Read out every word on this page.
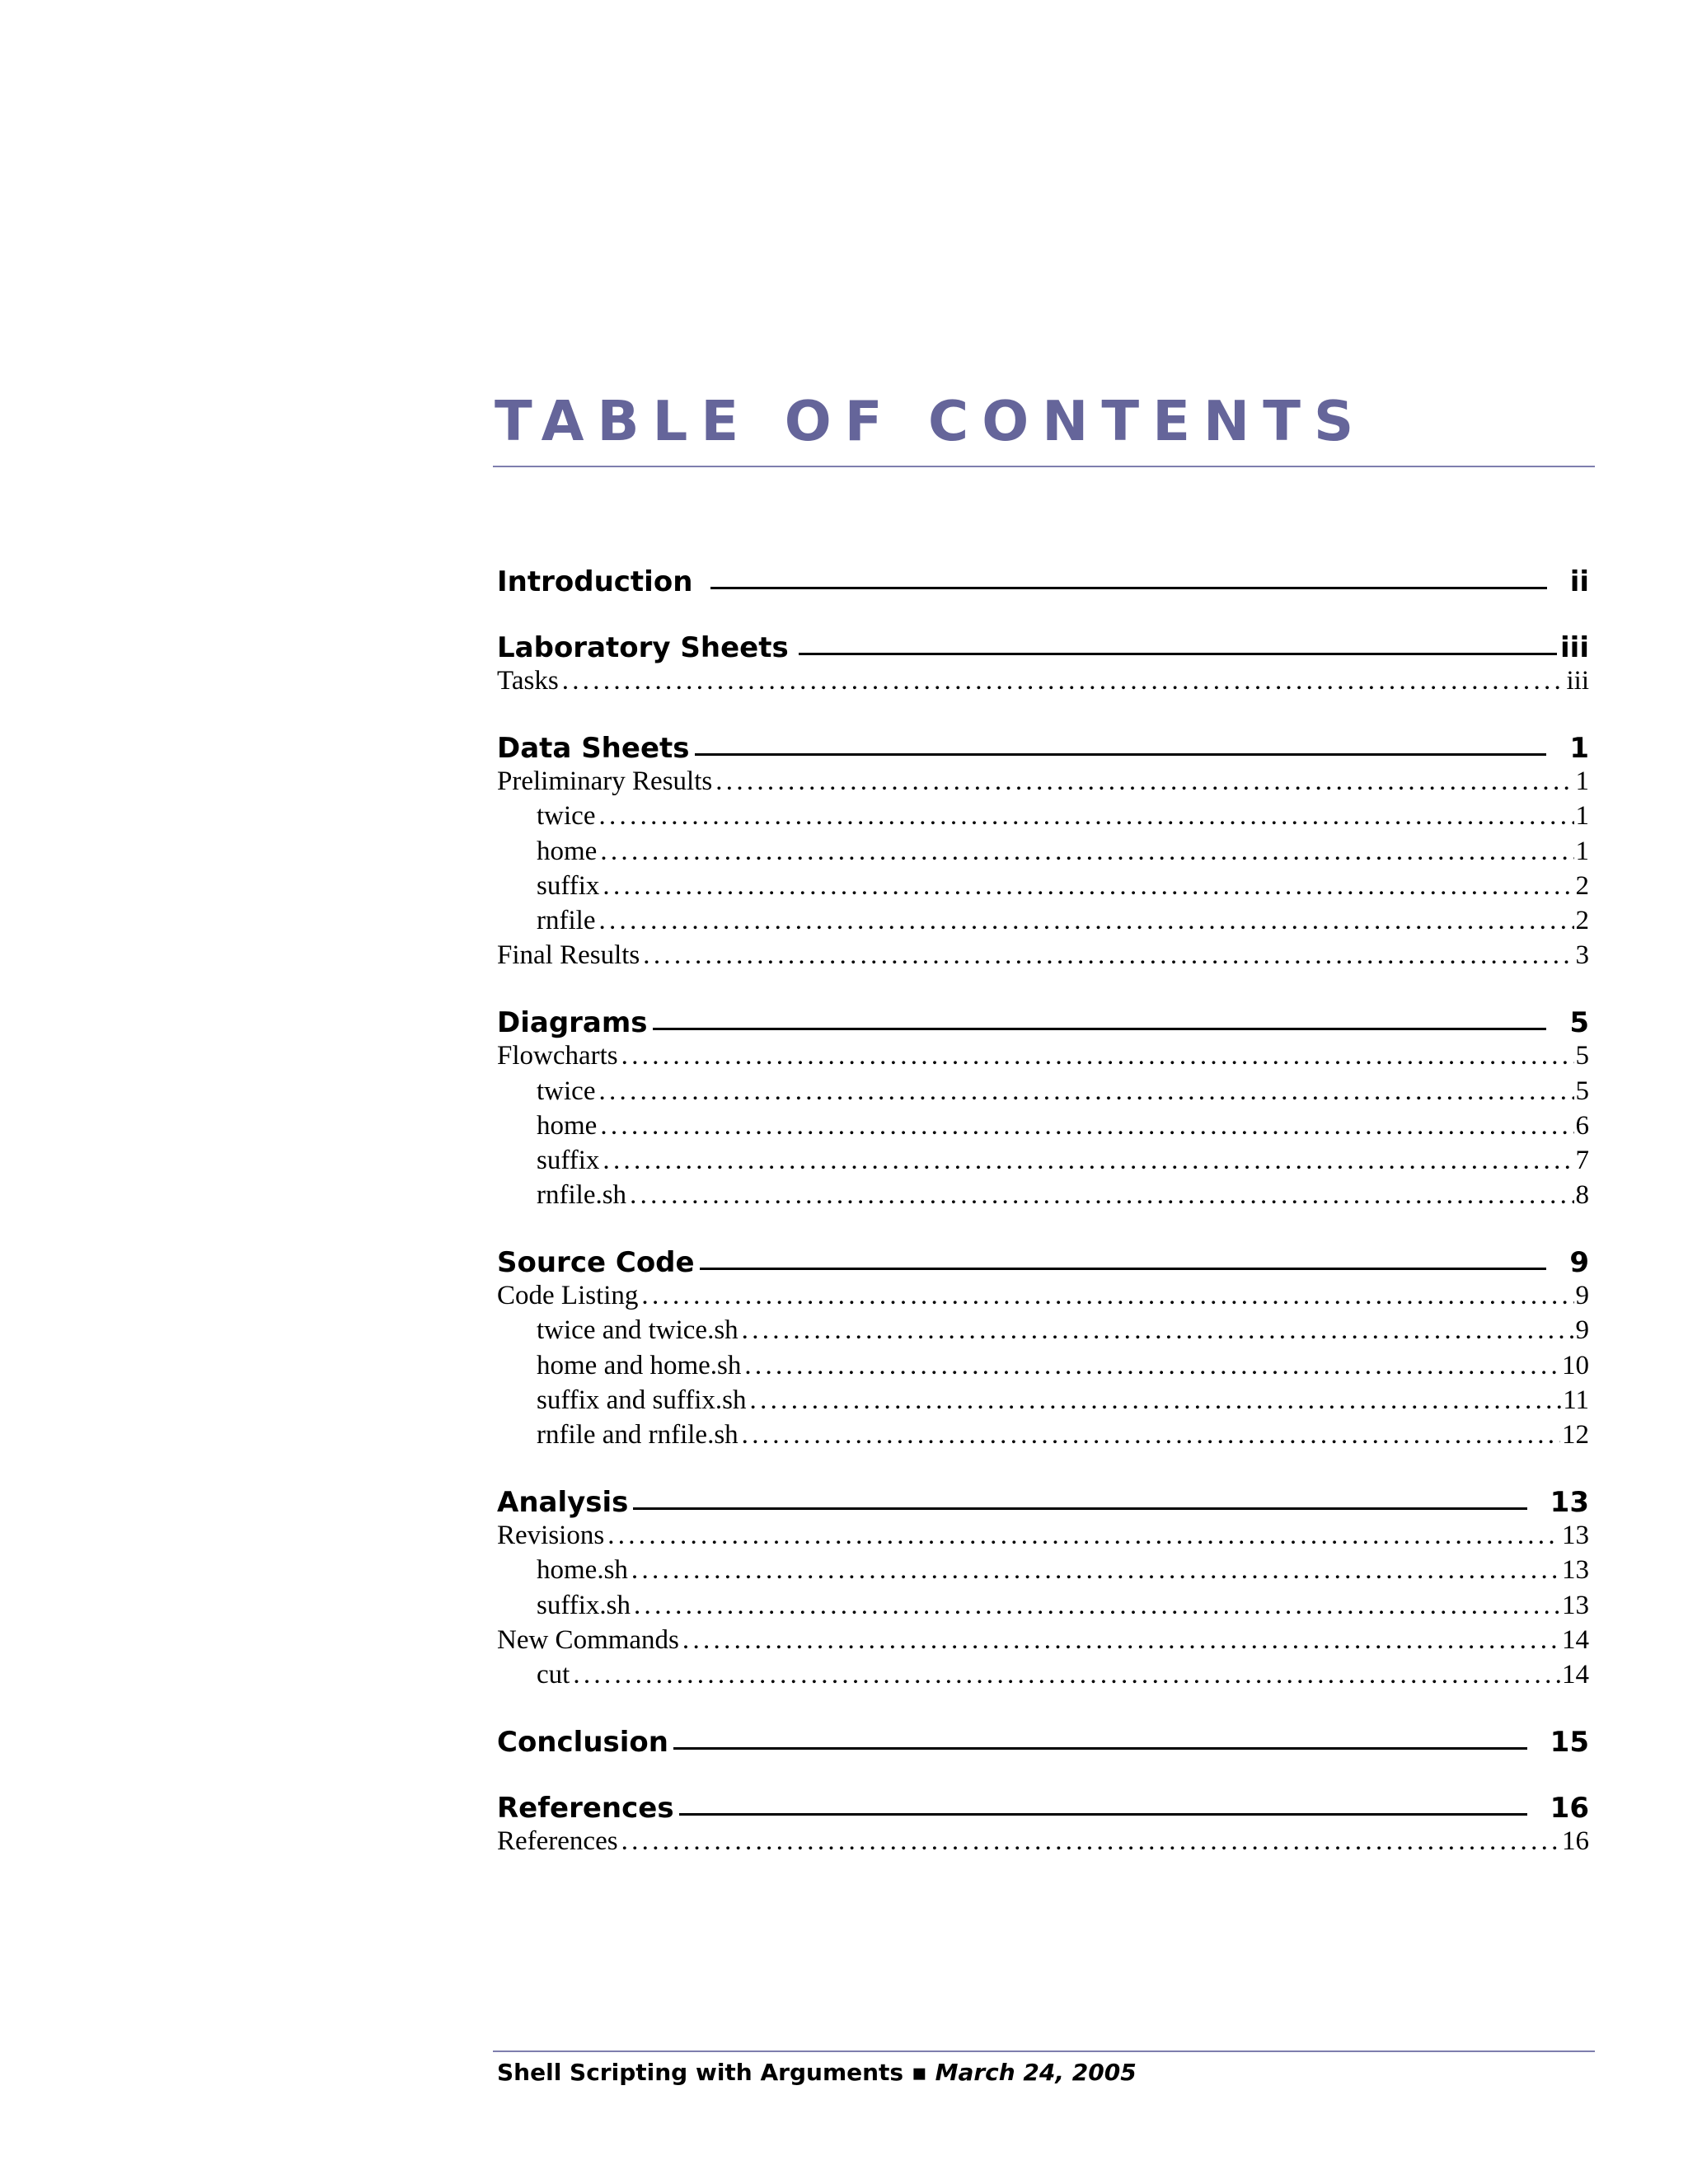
TABLE OF CONTENTS
Introduction	ii
Laboratory Sheets	iii
Tasks .....	iii
Data Sheets	1
Preliminary Results .....	1
twice .....	1
home .....	1
suffix .....	2
rnfile .....	2
Final Results .....	3
Diagrams	5
Flowcharts .....	5
twice .....	5
home .....	6
suffix .....	7
rnfile.sh .....	8
Source Code	9
Code Listing .....	9
twice and twice.sh .....	9
home and home.sh .....	10
suffix and suffix.sh .....	11
rnfile and rnfile.sh .....	12
Analysis	13
Revisions .....	13
home.sh .....	13
suffix.sh .....	13
New Commands .....	14
cut .....	14
Conclusion	15
References	16
References .....	16
Shell Scripting with Arguments ▪ March 24, 2005
